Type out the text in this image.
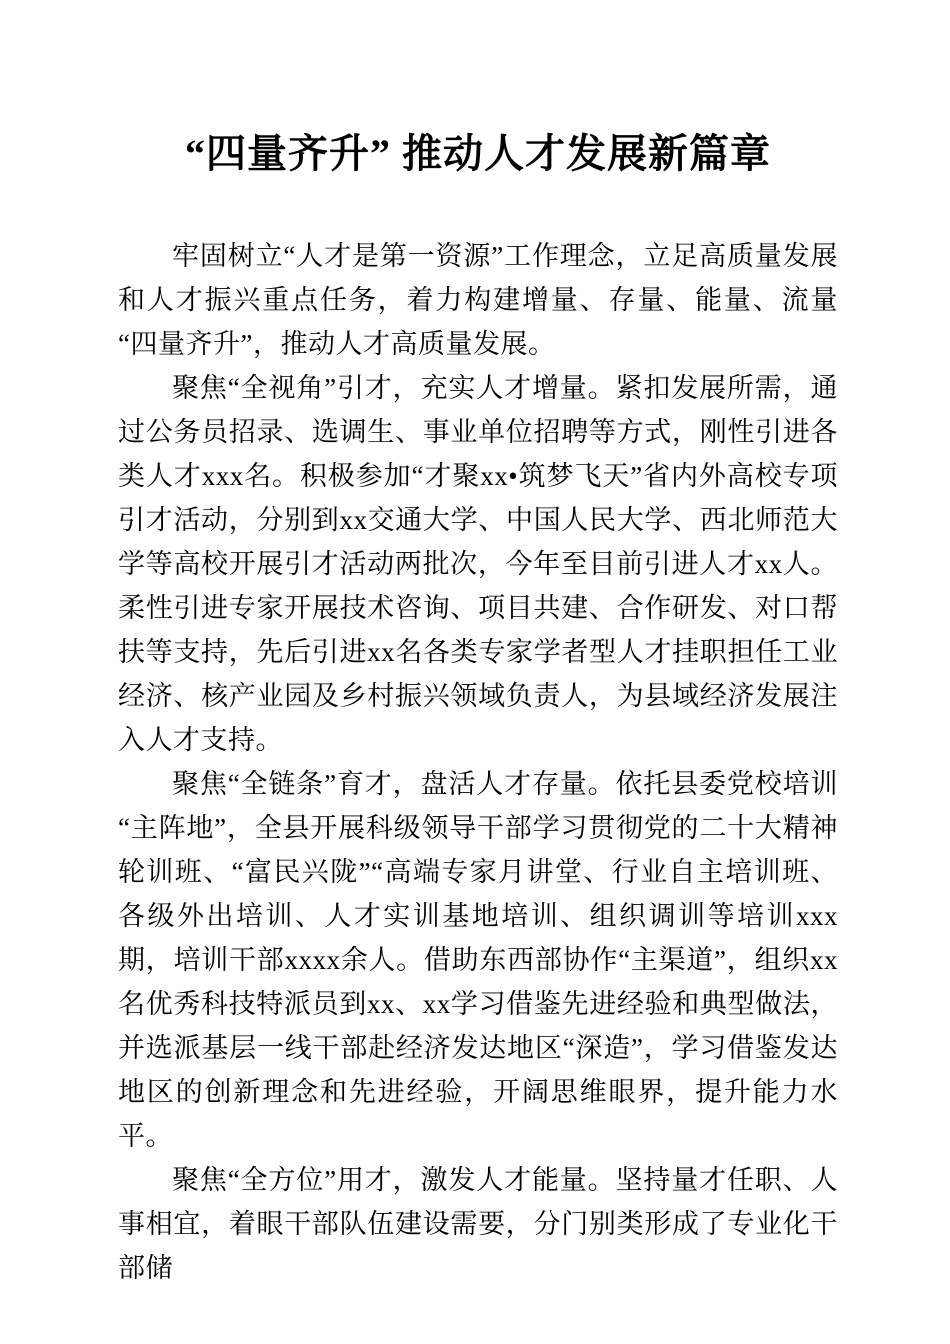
“四量齐升” 推动人才发展新篇章

牢固树立“人才是第一资源”工作理念，立足高质量发展和人才振兴重点任务，着力构建增量、存量、能量、流量“四量齐升”，推动人才高质量发展。

聚焦“全视角”引才，充实人才增量。紧扣发展所需，通过公务员招录、选调生、事业单位招聘等方式，刚性引进各类人才xxx名。积极参加“才聚xx•筑梦飞天”省内外高校专项引才活动，分别到xx交通大学、中国人民大学、西北师范大学等高校开展引才活动两批次，今年至目前引进人才xx人。柔性引进专家开展技术咨询、项目共建、合作研发、对口帮扶等支持，先后引进xx名各类专家学者型人才挂职担任工业经济、核产业园及乡村振兴领域负责人，为县域经济发展注入人才支持。

聚焦“全链条”育才，盘活人才存量。依托县委党校培训“主阵地”，全县开展科级领导干部学习贯彻党的二十大精神轮训班、“富民兴陇”“高端专家月讲堂、行业自主培训班、各级外出培训、人才实训基地培训、组织调训等培训xxx期，培训干部xxxx余人。借助东西部协作“主渠道”，组织xx名优秀科技特派员到xx、xx学习借鉴先进经验和典型做法，并选派基层一线干部赴经济发达地区“深造”，学习借鉴发达地区的创新理念和先进经验，开阔思维眼界，提升能力水平。

聚焦“全方位”用才，激发人才能量。坚持量才任职、人事相宜，着眼干部队伍建设需要，分门别类形成了专业化干部储
